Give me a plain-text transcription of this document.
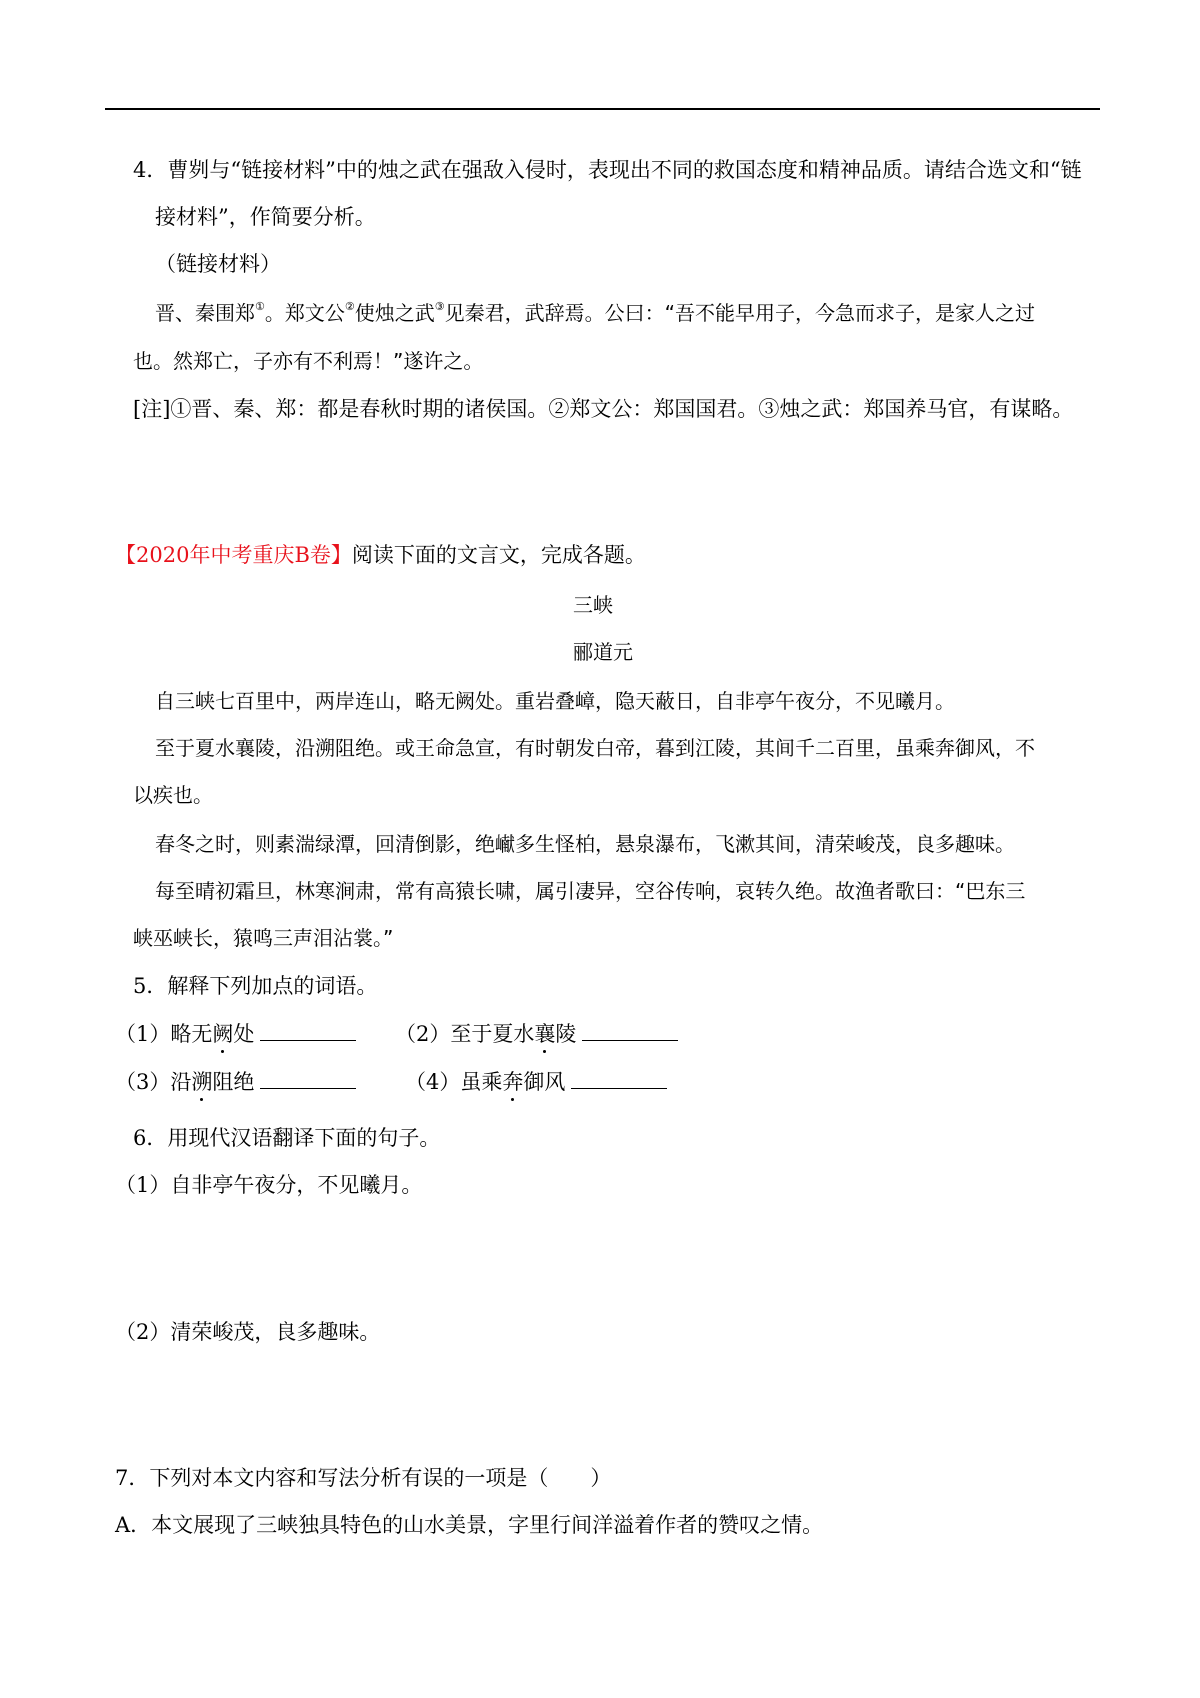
4．曹刿与“链接材料”中的烛之武在强敌入侵时，表现出不同的救国态度和精神品质。请结合选文和“链
接材料”，作简要分析。
（链接材料）
晋、秦围郑①。郑文公②使烛之武③见秦君，武辞焉。公曰：“吾不能早用子，今急而求子，是家人之过
也。然郑亡，子亦有不利焉！”遂许之。
[注]①晋、秦、郑：都是春秋时期的诸侯国。②郑文公：郑国国君。③烛之武：郑国养马官，有谋略。
【2020年中考重庆B卷】阅读下面的文言文，完成各题。
三峡
郦道元
自三峡七百里中，两岸连山，略无阙处。重岩叠嶂，隐天蔽日，自非亭午夜分，不见曦月。
至于夏水襄陵，沿溯阻绝。或王命急宣，有时朝发白帝，暮到江陵，其间千二百里，虽乘奔御风，不
以疾也。
春冬之时，则素湍绿潭，回清倒影，绝𪩘多生怪柏，悬泉瀑布，飞漱其间，清荣峻茂，良多趣味。
每至晴初霜旦，林寒涧肃，常有高猿长啸，属引凄异，空谷传响，哀转久绝。故渔者歌曰：“巴东三
峡巫峡长，猿鸣三声泪沾裳。”
5．解释下列加点的词语。
（1）略无阙处	（2）至于夏水襄陵
（3）沿溯阻绝	（4）虽乘奔御风
6．用现代汉语翻译下面的句子。
（1）自非亭午夜分，不见曦月。
（2）清荣峻茂，良多趣味。
7．下列对本文内容和写法分析有误的一项是（　　）
A．本文展现了三峡独具特色的山水美景，字里行间洋溢着作者的赞叹之情。
